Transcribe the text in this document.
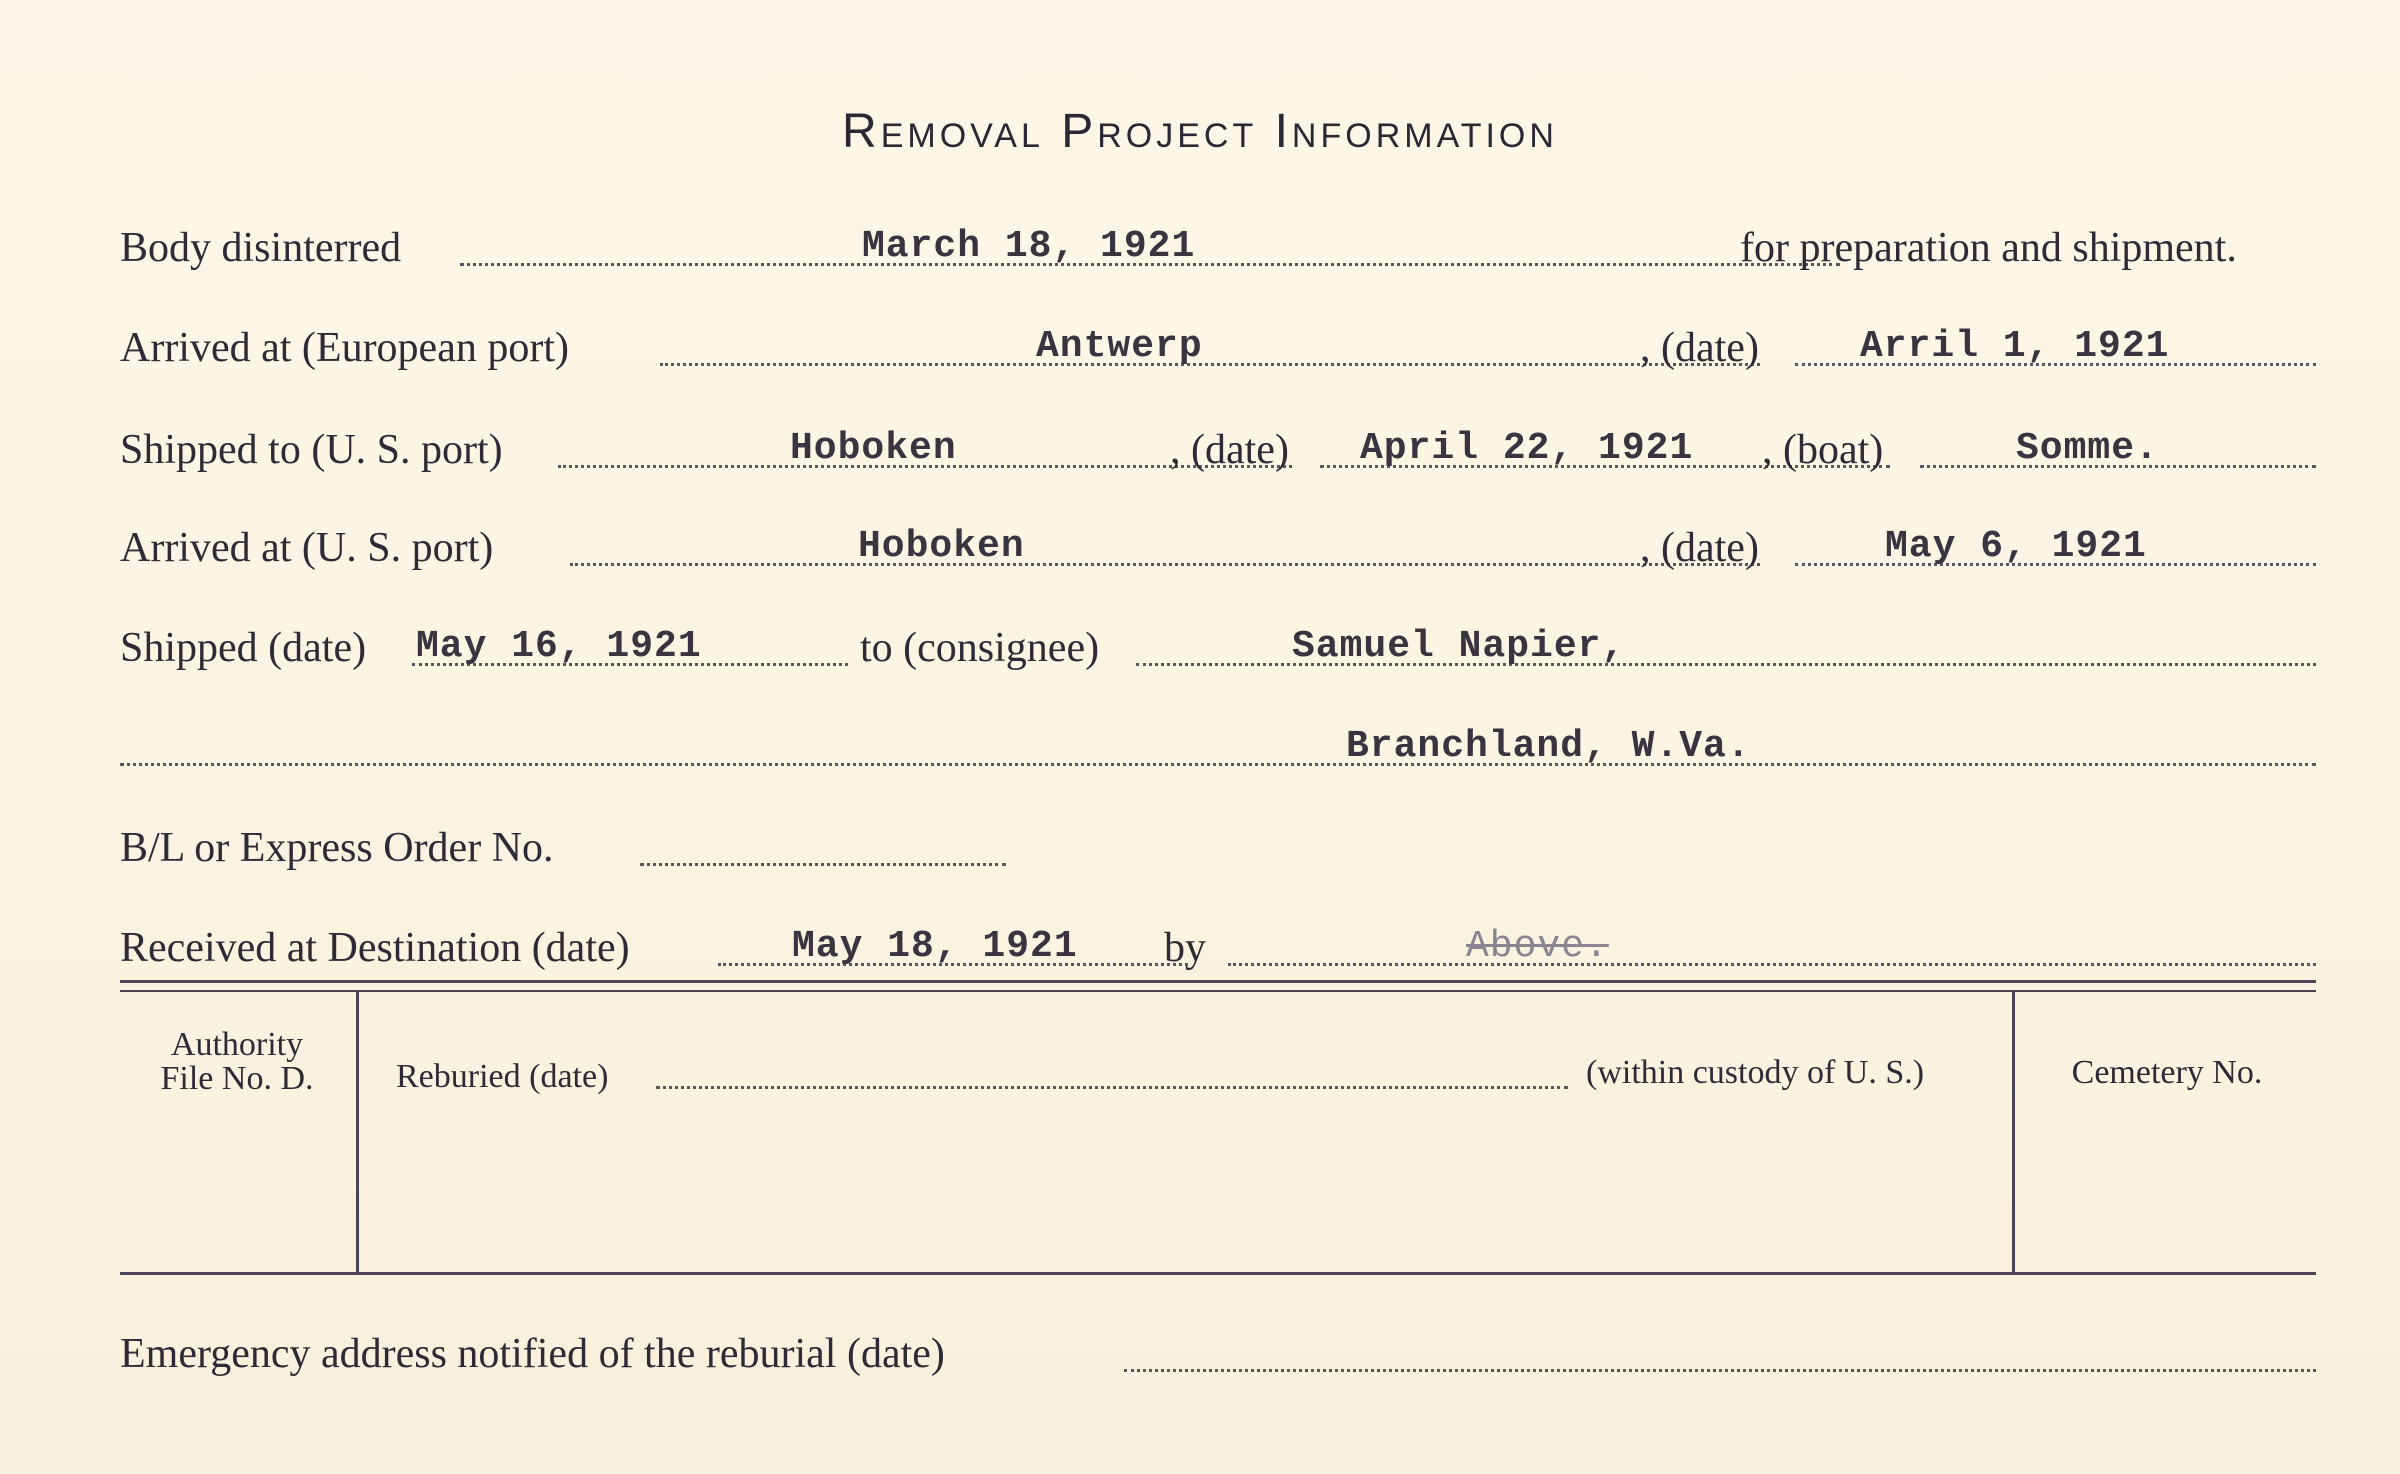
Removal Project Information
Body disinterred	March 18, 1921	for preparation and shipment.
Arrived at (European port)	Antwerp	, (date)	Arril 1, 1921
Shipped to (U. S. port)	Hoboken	, (date) April 22, 1921 , (boat)	Somme.
Arrived at (U. S. port)	Hoboken	, (date)	May 6, 1921
Shipped (date) May 16, 1921	to (consignee)	Samuel Napier,
Branchland, W.Va.
B/L or Express Order No.
Received at Destination (date)	May 18, 1921 by	Above.
Authority
File No. D.	Reburied (date)	(within custody of U. S.)	Cemetery No.
Emergency address notified of the reburial (date)
